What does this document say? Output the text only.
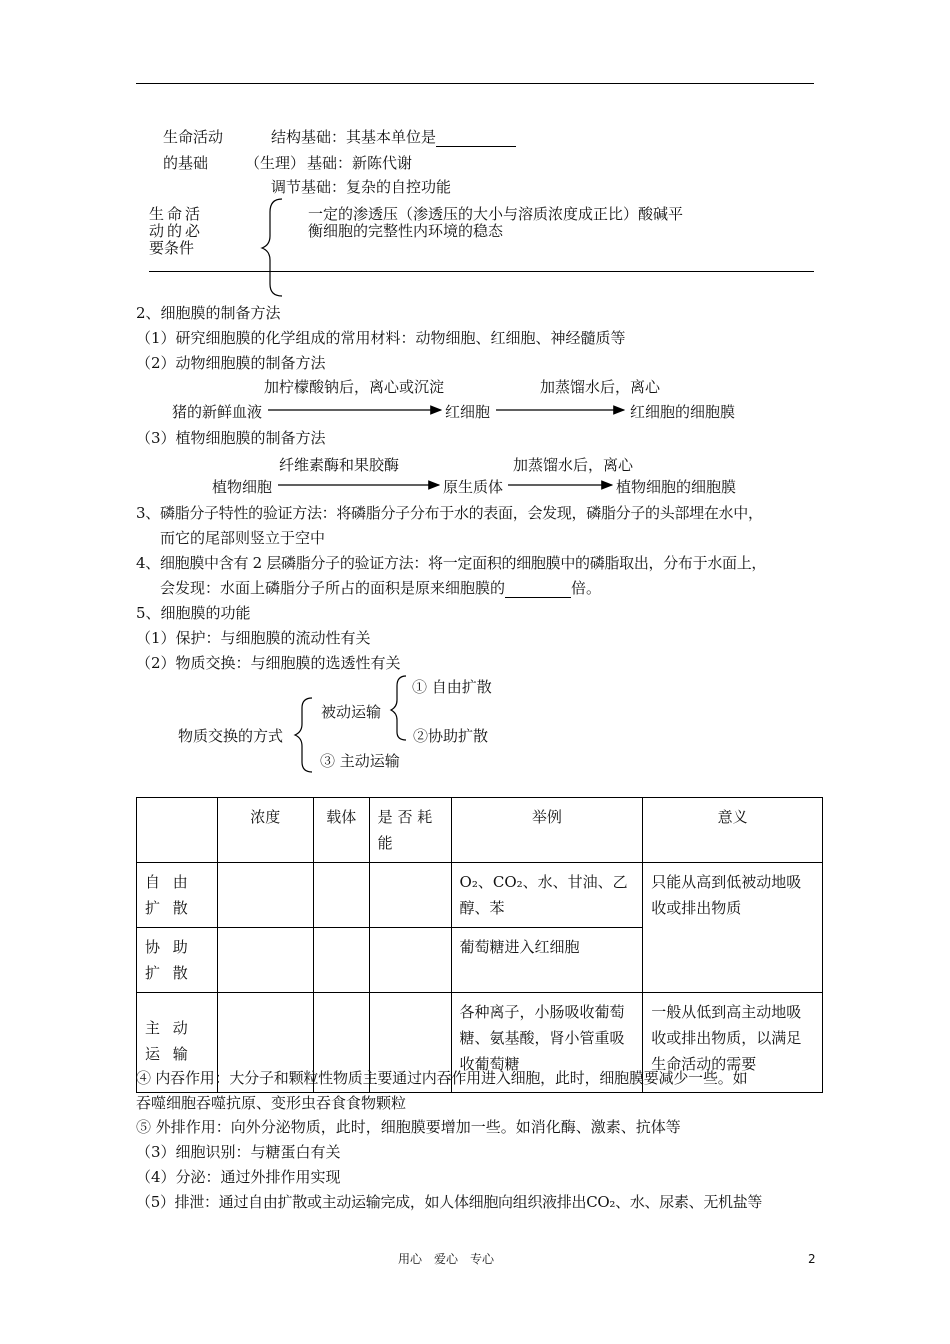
生命活动
的基础
结构基础：其基本单位是
（生理） 基础：新陈代谢
调节基础：复杂的自控功能
生命活
动的必
要条件
一定的渗透压（渗透压的大小与溶质浓度成正比）酸碱平
衡细胞的完整性内环境的稳态
2、细胞膜的制备方法
（1）研究细胞膜的化学组成的常用材料：动物细胞、红细胞、神经髓质等
（2）动物细胞膜的制备方法
加柠檬酸钠后，离心或沉淀	加蒸馏水后，离心
猪的新鲜血液	红细胞	红细胞的细胞膜
（3）植物细胞膜的制备方法
纤维素酶和果胶酶	加蒸馏水后，离心
植物细胞	原生质体	植物细胞的细胞膜
3、磷脂分子特性的验证方法：将磷脂分子分布于水的表面，会发现，磷脂分子的头部埋在水中，
而它的尾部则竖立于空中
4、细胞膜中含有 2 层磷脂分子的验证方法：将一定面积的细胞膜中的磷脂取出，分布于水面上，
会发现：水面上磷脂分子所占的面积是原来细胞膜的	倍。
5、细胞膜的功能
（1）保护：与细胞膜的流动性有关
（2）物质交换：与细胞膜的选透性有关
① 自由扩散
被动运输
②协助扩散
物质交换的方式
③ 主动运输
	浓度	载体	是 否 耗 能	举例	意义
自 由 扩 散				O₂、CO₂、水、甘油、乙醇、苯	只能从高到低被动地吸收或排出物质
协 助 扩 散				葡萄糖进入红细胞	
主 动 运 输				各种离子，小肠吸收葡萄糖、氨基酸，肾小管重吸收葡萄糖	一般从低到高主动地吸收或排出物质，以满足生命活动的需要
④ 内吞作用：大分子和颗粒性物质主要通过内吞作用进入细胞，此时，细胞膜要减少一些。如
吞噬细胞吞噬抗原、变形虫吞食食物颗粒
⑤ 外排作用：向外分泌物质，此时，细胞膜要增加一些。如消化酶、激素、抗体等
（3）细胞识别：与糖蛋白有关
（4）分泌：通过外排作用实现
（5）排泄：通过自由扩散或主动运输完成，如人体细胞向组织液排出CO₂、水、尿素、无机盐等
用心　爱心　专心	2
